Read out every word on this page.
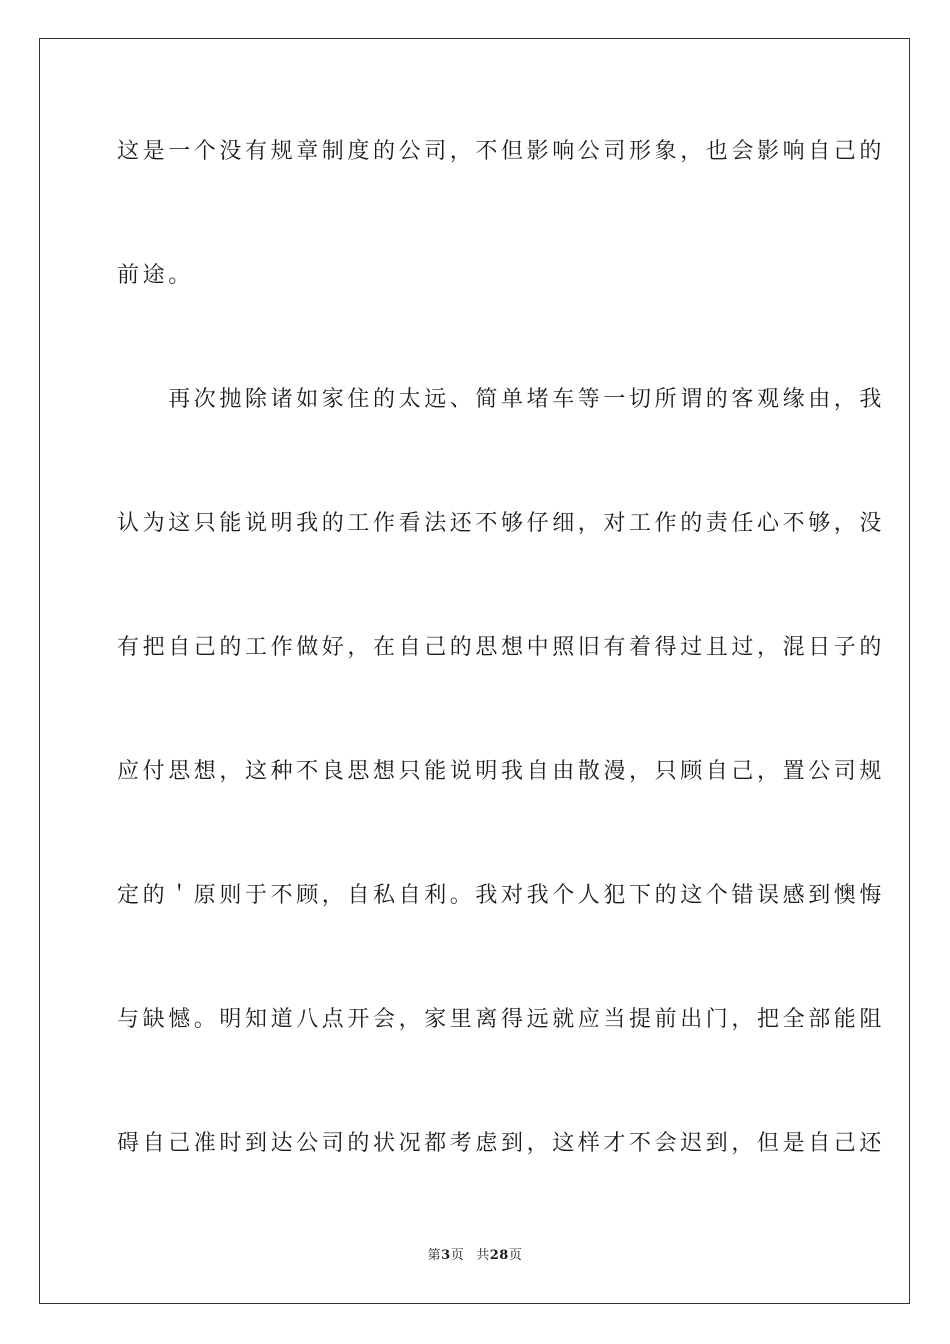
这是一个没有规章制度的公司，不但影响公司形象，也会影响自己的
前途。
　　再次抛除诸如家住的太远、简单堵车等一切所谓的客观缘由，我
认为这只能说明我的工作看法还不够仔细，对工作的责任心不够，没
有把自己的工作做好，在自己的思想中照旧有着得过且过，混日子的
应付思想，这种不良思想只能说明我自由散漫，只顾自己，置公司规
定的＇原则于不顾，自私自利。我对我个人犯下的这个错误感到懊悔
与缺憾。明知道八点开会，家里离得远就应当提前出门，把全部能阻
碍自己准时到达公司的状况都考虑到，这样才不会迟到，但是自己还
第3页 共28页
